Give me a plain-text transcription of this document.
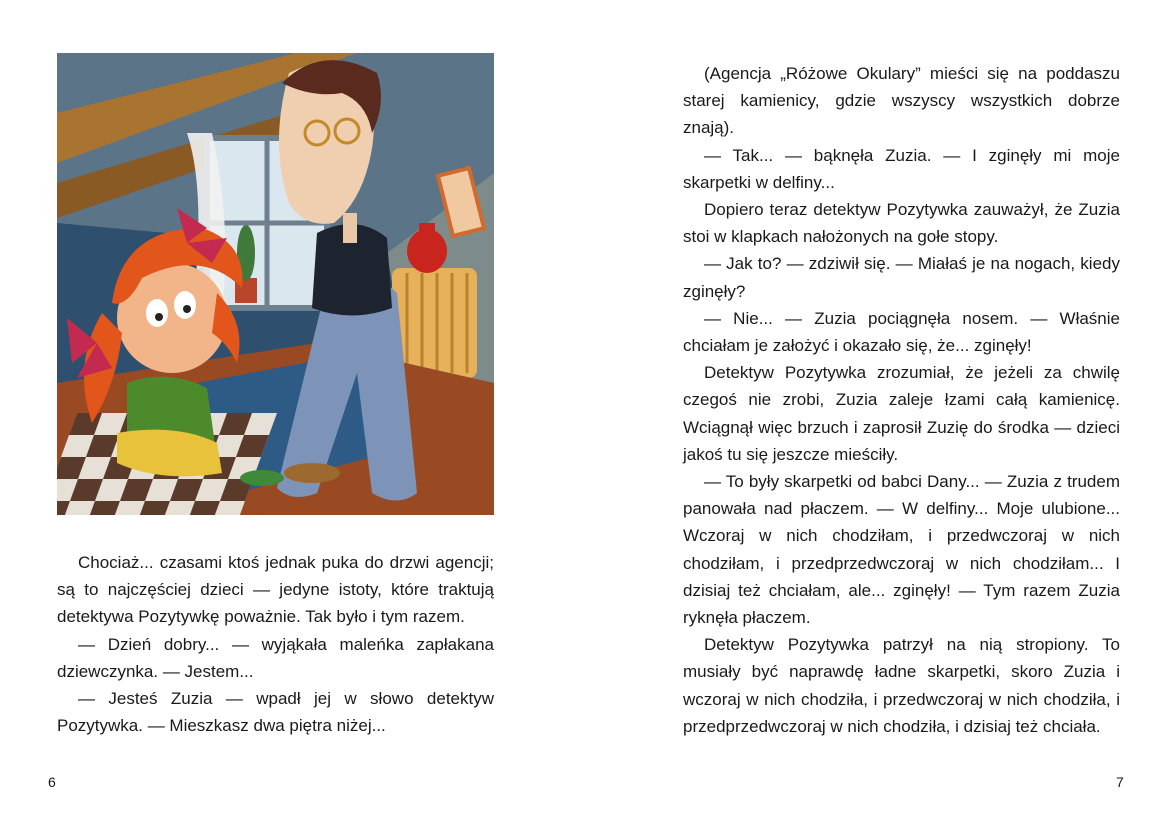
Chociaż... czasami ktoś jednak puka do drzwi agencji; są to najczęściej dzieci — jedyne istoty, które traktują detektywa Pozytywkę poważnie. Tak było i tym razem.

— Dzień dobry... — wyjąkała maleńka zapłakana dziewczynka. — Jestem...

— Jesteś Zuzia — wpadł jej w słowo detektyw Pozytywka. — Mieszkasz dwa piętra niżej...

6

(Agencja „Różowe Okulary” mieści się na poddaszu starej kamienicy, gdzie wszyscy wszystkich dobrze znają).

— Tak... — bąknęła Zuzia. — I zginęły mi moje skarpetki w delfiny...

Dopiero teraz detektyw Pozytywka zauważył, że Zuzia stoi w klapkach nałożonych na gołe stopy.

— Jak to? — zdziwił się. — Miałaś je na nogach, kiedy zginęły?

— Nie... — Zuzia pociągnęła nosem. — Właśnie chciałam je założyć i okazało się, że... zginęły!

Detektyw Pozytywka zrozumiał, że jeżeli za chwilę czegoś nie zrobi, Zuzia zaleje łzami całą kamienicę. Wciągnął więc brzuch i zaprosił Zuzię do środka — dzieci jakoś tu się jeszcze mieściły.

— To były skarpetki od babci Dany... — Zuzia z trudem panowała nad płaczem. — W delfiny... Moje ulubione... Wczoraj w nich chodziłam, i przedwczoraj w nich chodziłam, i przedprzedwczoraj w nich chodziłam... I dzisiaj też chciałam, ale... zginęły! — Tym razem Zuzia ryknęła płaczem.

Detektyw Pozytywka patrzył na nią stropiony. To musiały być naprawdę ładne skarpetki, skoro Zuzia i wczoraj w nich chodziła, i przedwczoraj w nich chodziła, i przedprzedwczoraj w nich chodziła, i dzisiaj też chciała.

7
